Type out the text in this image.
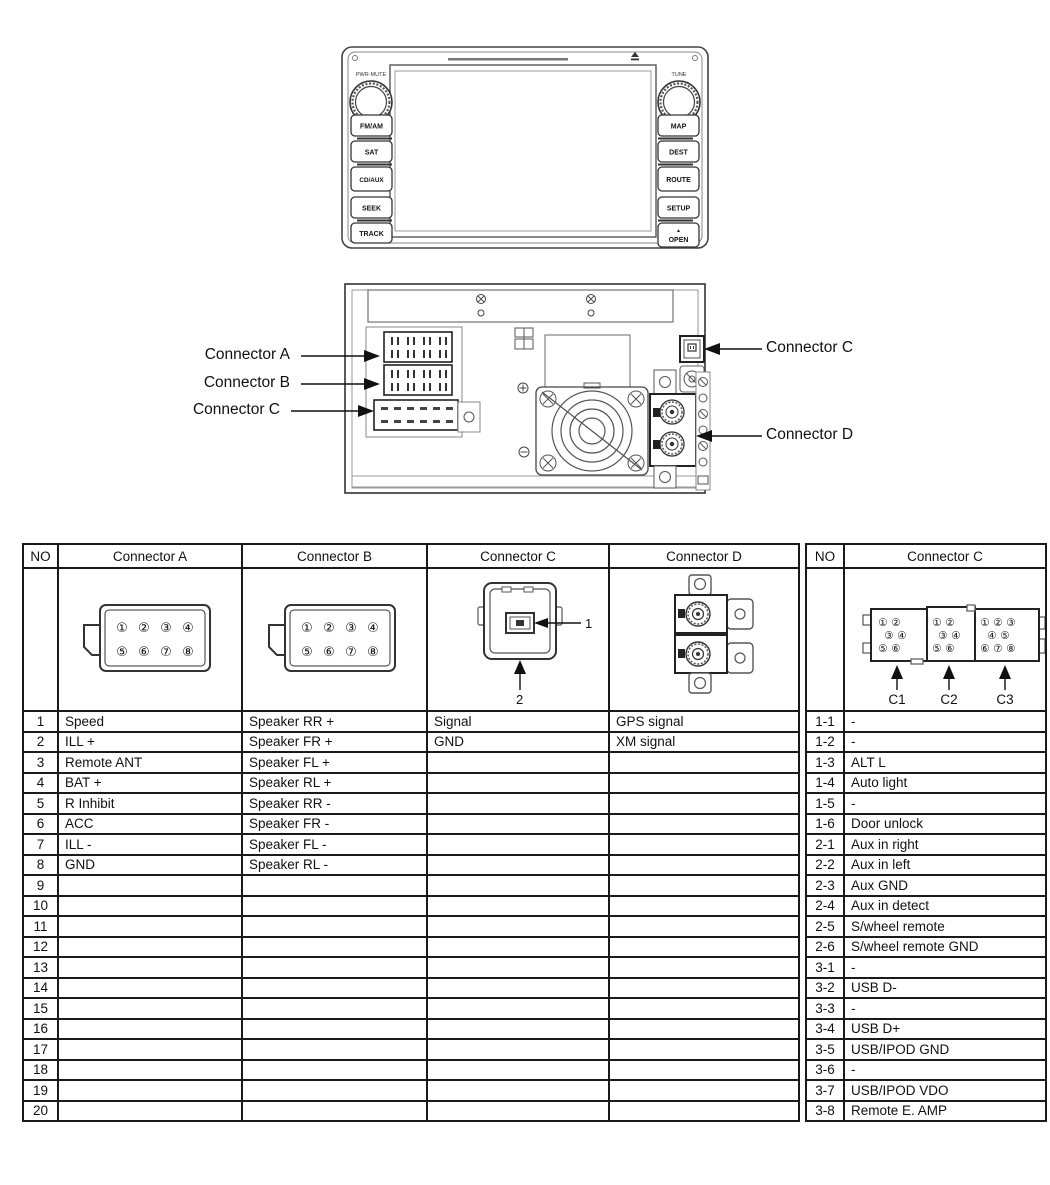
PWR·MUTE	TUNE
FM/AM
SAT
CD/AUX
SEEK
TRACK
MAP
DEST
ROUTE
SETUP
▲
OPEN
Connector A
Connector B
Connector C
Connector C
Connector D
NO	Connector A	Connector B	Connector C	Connector D

① ② ③ ④
⑤ ⑥ ⑦ ⑧

① ② ③ ④
⑤ ⑥ ⑦ ⑧

1
2

1	Speed	Speaker RR +	Signal	GPS signal
2	ILL +	Speaker FR +	GND	XM signal
3	Remote ANT	Speaker FL +		
4	BAT +	Speaker RL +		
5	R Inhibit	Speaker RR -		
6	ACC	Speaker FR -		
7	ILL -	Speaker FL -		
8	GND	Speaker RL -		
9				
10				
11				
12				
13				
14				
15				
16				
17				
18				
19				
20				
NO	Connector C

① ②
③ ④
⑤ ⑥
① ②
③ ④
⑤ ⑥
① ② ③
④ ⑤
⑥ ⑦ ⑧
C1	C2	C3

1-1	-
1-2	-
1-3	ALT L
1-4	Auto light
1-5	-
1-6	Door unlock
2-1	Aux in right
2-2	Aux in left
2-3	Aux GND
2-4	Aux in detect
2-5	S/wheel remote
2-6	S/wheel remote GND
3-1	-
3-2	USB D-
3-3	-
3-4	USB D+
3-5	USB/IPOD GND
3-6	-
3-7	USB/IPOD VDO
3-8	Remote E. AMP
